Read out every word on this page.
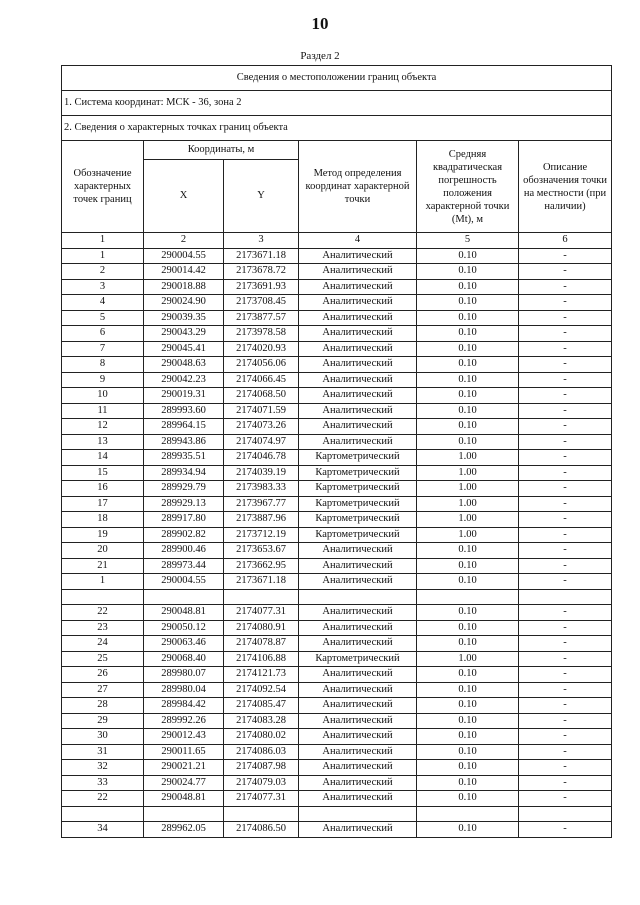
10
Раздел 2
Сведения о местоположении границ объекта					
1. Система координат: МСК - 36, зона 2					
2. Сведения о характерных точках границ объекта					
Обозначение характерных точек границ	Координаты, м		Метод определения координат характерной точки	Средняя квадратическая погрешность положения характерной точки (Mt), м	Описание обозначения точки на местности (при наличии)
	X	Y			
1	2	3	4	5	6
1	290004.55	2173671.18	Аналитический	0.10	-
2	290014.42	2173678.72	Аналитический	0.10	-
3	290018.88	2173691.93	Аналитический	0.10	-
4	290024.90	2173708.45	Аналитический	0.10	-
5	290039.35	2173877.57	Аналитический	0.10	-
6	290043.29	2173978.58	Аналитический	0.10	-
7	290045.41	2174020.93	Аналитический	0.10	-
8	290048.63	2174056.06	Аналитический	0.10	-
9	290042.23	2174066.45	Аналитический	0.10	-
10	290019.31	2174068.50	Аналитический	0.10	-
11	289993.60	2174071.59	Аналитический	0.10	-
12	289964.15	2174073.26	Аналитический	0.10	-
13	289943.86	2174074.97	Аналитический	0.10	-
14	289935.51	2174046.78	Картометрический	1.00	-
15	289934.94	2174039.19	Картометрический	1.00	-
16	289929.79	2173983.33	Картометрический	1.00	-
17	289929.13	2173967.77	Картометрический	1.00	-
18	289917.80	2173887.96	Картометрический	1.00	-
19	289902.82	2173712.19	Картометрический	1.00	-
20	289900.46	2173653.67	Аналитический	0.10	-
21	289973.44	2173662.95	Аналитический	0.10	-
1	290004.55	2173671.18	Аналитический	0.10	-

22	290048.81	2174077.31	Аналитический	0.10	-
23	290050.12	2174080.91	Аналитический	0.10	-
24	290063.46	2174078.87	Аналитический	0.10	-
25	290068.40	2174106.88	Картометрический	1.00	-
26	289980.07	2174121.73	Аналитический	0.10	-
27	289980.04	2174092.54	Аналитический	0.10	-
28	289984.42	2174085.47	Аналитический	0.10	-
29	289992.26	2174083.28	Аналитический	0.10	-
30	290012.43	2174080.02	Аналитический	0.10	-
31	290011.65	2174086.03	Аналитический	0.10	-
32	290021.21	2174087.98	Аналитический	0.10	-
33	290024.77	2174079.03	Аналитический	0.10	-
22	290048.81	2174077.31	Аналитический	0.10	-

34	289962.05	2174086.50	Аналитический	0.10	-
